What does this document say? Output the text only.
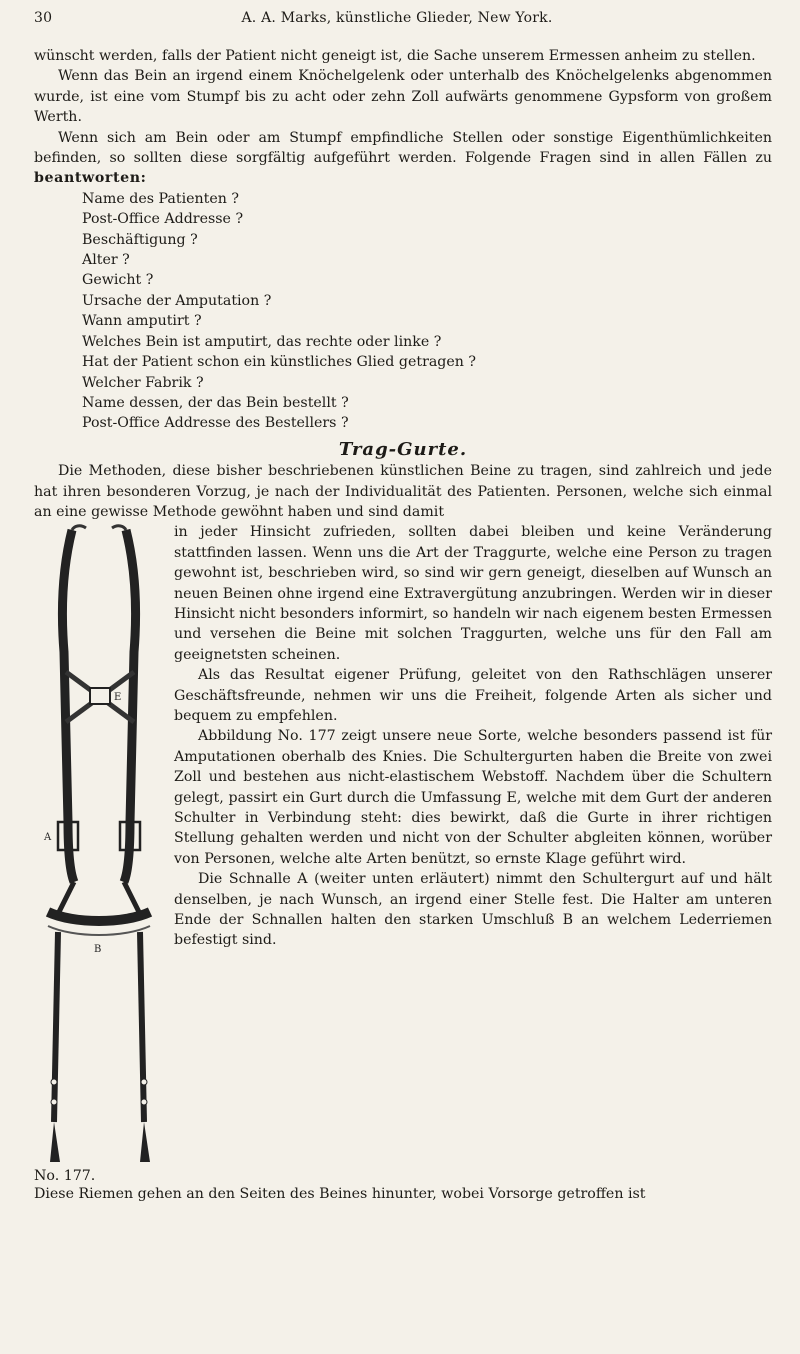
30	A. A. Marks, künstliche Glieder, New York.

wünscht werden, falls der Patient nicht geneigt ist, die Sache unserem Ermessen anheim zu stellen.

Wenn das Bein an irgend einem Knöchelgelenk oder unterhalb des Knöchelgelenks abgenommen wurde, ist eine vom Stumpf bis zu acht oder zehn Zoll aufwärts genommene Gypsform von großem Werth.

Wenn sich am Bein oder am Stumpf empfindliche Stellen oder sonstige Eigenthümlichkeiten befinden, so sollten diese sorgfältig aufgeführt werden. Folgende Fragen sind in allen Fällen zu beantworten:

Name des Patienten ?

Post-Office Addresse ?

Beschäftigung ?

Alter ?

Gewicht ?

Ursache der Amputation ?

Wann amputirt ?

Welches Bein ist amputirt, das rechte oder linke ?

Hat der Patient schon ein künstliches Glied getragen ?

Welcher Fabrik ?

Name dessen, der das Bein bestellt ?

Post-Office Addresse des Bestellers ?

Trag-Gurte.

Die Methoden, diese bisher beschriebenen künstlichen Beine zu tragen, sind zahlreich und jede hat ihren besonderen Vorzug, je nach der Individualität des Patienten. Personen, welche sich einmal an eine gewisse Methode gewöhnt haben und sind damit

E
A
B
No. 177.

in jeder Hinsicht zufrieden, sollten dabei bleiben und keine Veränderung stattfinden lassen. Wenn uns die Art der Traggurte, welche eine Person zu tragen gewohnt ist, beschrieben wird, so sind wir gern geneigt, dieselben auf Wunsch an neuen Beinen ohne irgend eine Extravergütung anzubringen. Werden wir in dieser Hinsicht nicht besonders informirt, so handeln wir nach eigenem besten Ermessen und versehen die Beine mit solchen Traggurten, welche uns für den Fall am geeignetsten scheinen.

Als das Resultat eigener Prüfung, geleitet von den Rathschlägen unserer Geschäftsfreunde, nehmen wir uns die Freiheit, folgende Arten als sicher und bequem zu empfehlen.

Abbildung No. 177 zeigt unsere neue Sorte, welche besonders passend ist für Amputationen oberhalb des Knies. Die Schultergurten haben die Breite von zwei Zoll und bestehen aus nicht-elastischem Webstoff. Nachdem über die Schultern gelegt, passirt ein Gurt durch die Umfassung E, welche mit dem Gurt der anderen Schulter in Verbindung steht: dies bewirkt, daß die Gurte in ihrer richtigen Stellung gehalten werden und nicht von der Schulter abgleiten können, worüber von Personen, welche alte Arten benützt, so ernste Klage geführt wird.

Die Schnalle A (weiter unten erläutert) nimmt den Schultergurt auf und hält denselben, je nach Wunsch, an irgend einer Stelle fest. Die Halter am unteren Ende der Schnallen halten den starken Umschluß B an welchem Lederriemen befestigt sind.

Diese Riemen gehen an den Seiten des Beines hinunter, wobei Vorsorge getroffen ist
